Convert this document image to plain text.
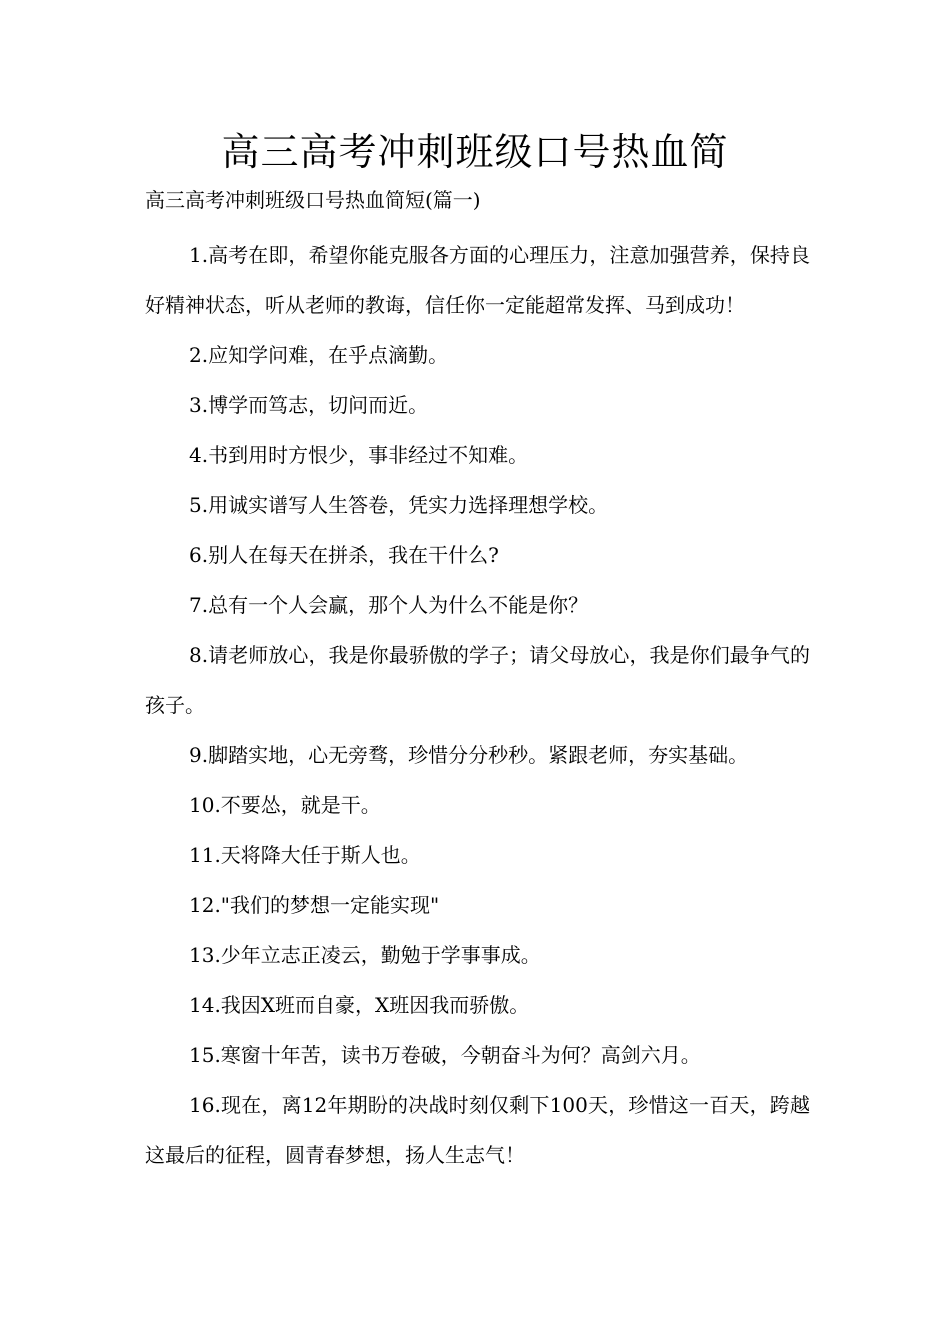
高三高考冲刺班级口号热血简

高三高考冲刺班级口号热血简短(篇一)

1.高考在即，希望你能克服各方面的心理压力，注意加强营养，保持良好精神状态，听从老师的教诲，信任你一定能超常发挥、马到成功！

2.应知学问难，在乎点滴勤。

3.博学而笃志，切问而近。

4.书到用时方恨少，事非经过不知难。

5.用诚实谱写人生答卷，凭实力选择理想学校。

6.别人在每天在拼杀，我在干什么?

7.总有一个人会赢，那个人为什么不能是你？

8.请老师放心，我是你最骄傲的学子；请父母放心，我是你们最争气的孩子。

9.脚踏实地，心无旁骛，珍惜分分秒秒。紧跟老师，夯实基础。

10.不要怂，就是干。

11.天将降大任于斯人也。

12."我们的梦想一定能实现"

13.少年立志正凌云，勤勉于学事事成。

14.我因X班而自豪，X班因我而骄傲。

15.寒窗十年苦，读书万卷破，今朝奋斗为何？高剑六月。

16.现在，离12年期盼的决战时刻仅剩下100天，珍惜这一百天，跨越这最后的征程，圆青春梦想，扬人生志气！
